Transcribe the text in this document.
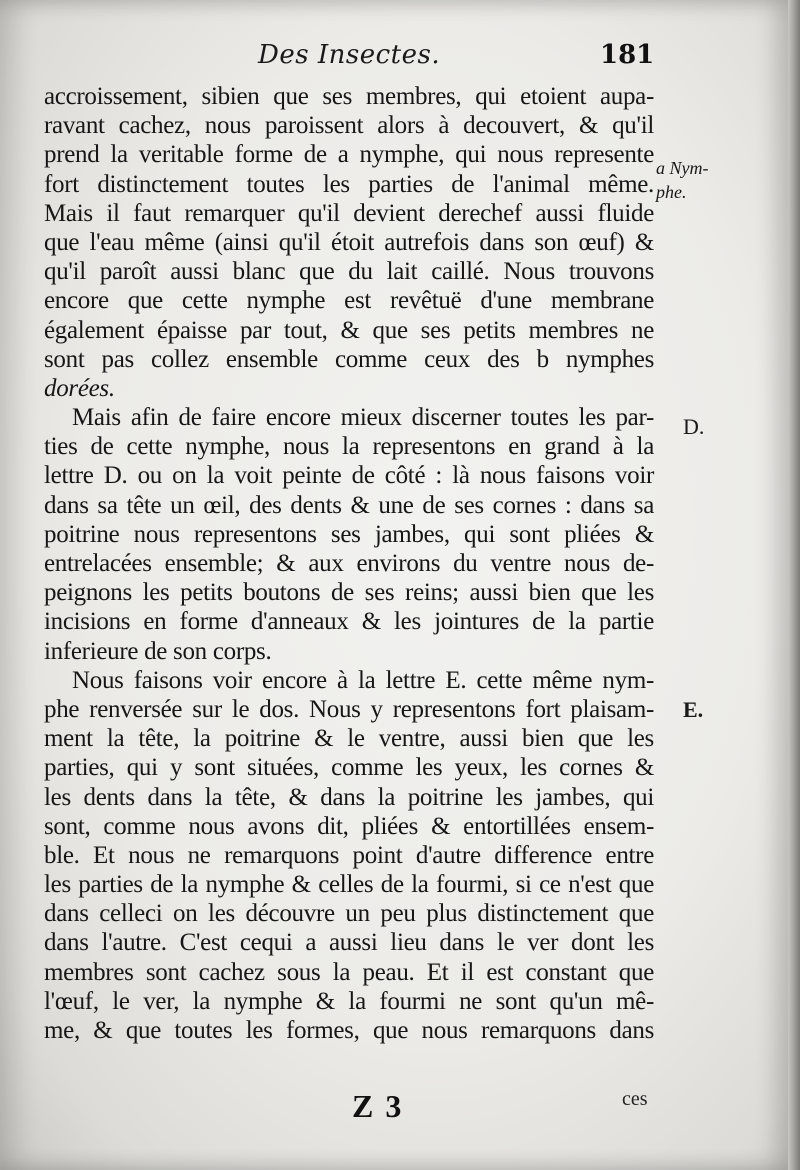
Des Insectes.	181
accroissement, sibien que ses membres, qui etoient aupa-
ravant cachez, nous paroissent alors à decouvert, & qu'il
prend la veritable forme de a nymphe, qui nous represente
fort distinctement toutes les parties de l'animal même.
Mais il faut remarquer qu'il devient derechef aussi fluide
que l'eau même (ainsi qu'il étoit autrefois dans son œuf) &
qu'il paroît aussi blanc que du lait caillé. Nous trouvons
encore que cette nymphe est revêtuë d'une membrane
également épaisse par tout, & que ses petits membres ne
sont pas collez ensemble comme ceux des b nymphes
dorées.
Mais afin de faire encore mieux discerner toutes les par-
ties de cette nymphe, nous la representons en grand à la
lettre D. ou on la voit peinte de côté : là nous faisons voir
dans sa tête un œil, des dents & une de ses cornes : dans sa
poitrine nous representons ses jambes, qui sont pliées &
entrelacées ensemble; & aux environs du ventre nous de-
peignons les petits boutons de ses reins; aussi bien que les
incisions en forme d'anneaux & les jointures de la partie
inferieure de son corps.
Nous faisons voir encore à la lettre E. cette même nym-
phe renversée sur le dos. Nous y representons fort plaisam-
ment la tête, la poitrine & le ventre, aussi bien que les
parties, qui y sont situées, comme les yeux, les cornes &
les dents dans la tête, & dans la poitrine les jambes, qui
sont, comme nous avons dit, pliées & entortillées ensem-
ble. Et nous ne remarquons point d'autre difference entre
les parties de la nymphe & celles de la fourmi, si ce n'est que
dans celleci on les découvre un peu plus distinctement que
dans l'autre. C'est cequi a aussi lieu dans le ver dont les
membres sont cachez sous la peau. Et il est constant que
l'œuf, le ver, la nymphe & la fourmi ne sont qu'un mê-
me, & que toutes les formes, que nous remarquons dans
a Nym-
phe.
D.
E.
Z 3	ces
